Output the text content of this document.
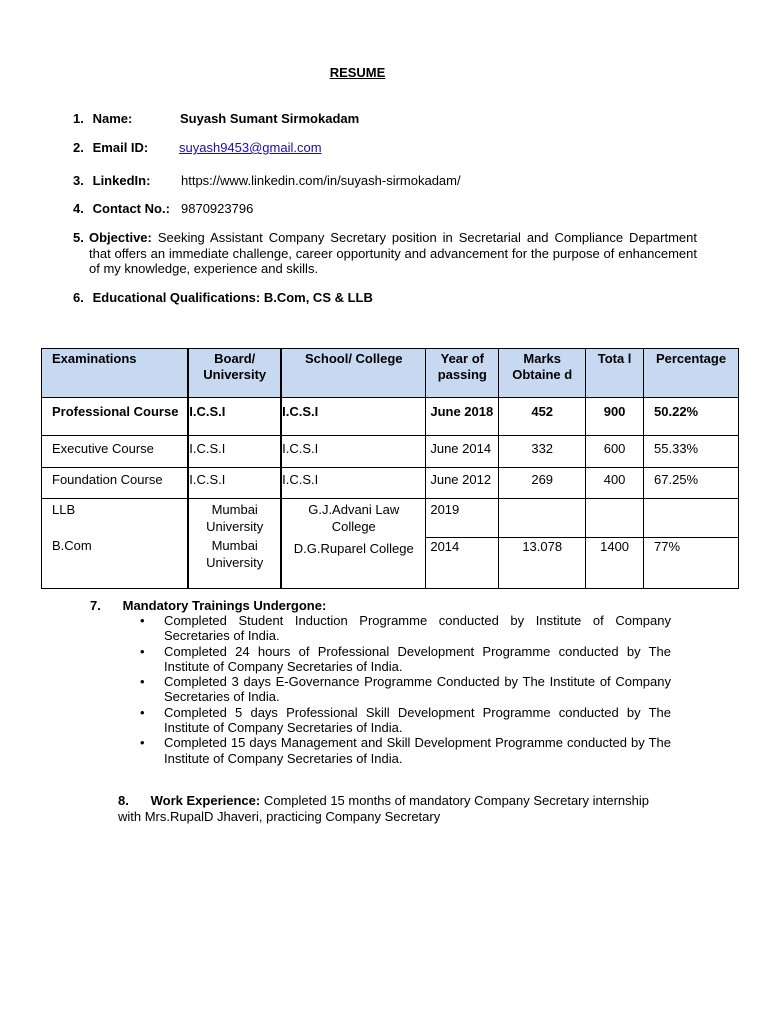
RESUME
1. Name:	Suyash Sumant Sirmokadam
2. Email ID: suyash9453@gmail.com
3. LinkedIn: https://www.linkedin.com/in/suyash-sirmokadam/
4. Contact No.: 9870923796
5. Objective: Seeking Assistant Company Secretary position in Secretarial and Compliance Department that offers an immediate challenge, career opportunity and advancement for the purpose of enhancement of my knowledge, experience and skills.
6. Educational Qualifications: B.Com, CS & LLB
Examinations	Board/ University	School/ College	Year of passing	Marks Obtaine d	Tota l	Percentage
Professional Course	I.C.S.I	I.C.S.I	June 2018	452	900	50.22%
Executive Course	I.C.S.I	I.C.S.I	June 2014	332	600	55.33%
Foundation Course	I.C.S.I	I.C.S.I	June 2012	269	400	67.25%
LLB	Mumbai University	G.J.Advani Law College	2019			
B.Com	Mumbai University	D.G.Ruparel College	2014	13.078	1400	77%
7. Mandatory Trainings Undergone:
• Completed Student Induction Programme conducted by Institute of Company Secretaries of India.
• Completed 24 hours of Professional Development Programme conducted by The Institute of Company Secretaries of India.
• Completed 3 days E-Governance Programme Conducted by The Institute of Company Secretaries of India.
• Completed 5 days Professional Skill Development Programme conducted by The Institute of Company Secretaries of India.
• Completed 15 days Management and Skill Development Programme conducted by The Institute of Company Secretaries of India.
8. Work Experience: Completed 15 months of mandatory Company Secretary internship with Mrs.RupalD Jhaveri, practicing Company Secretary
